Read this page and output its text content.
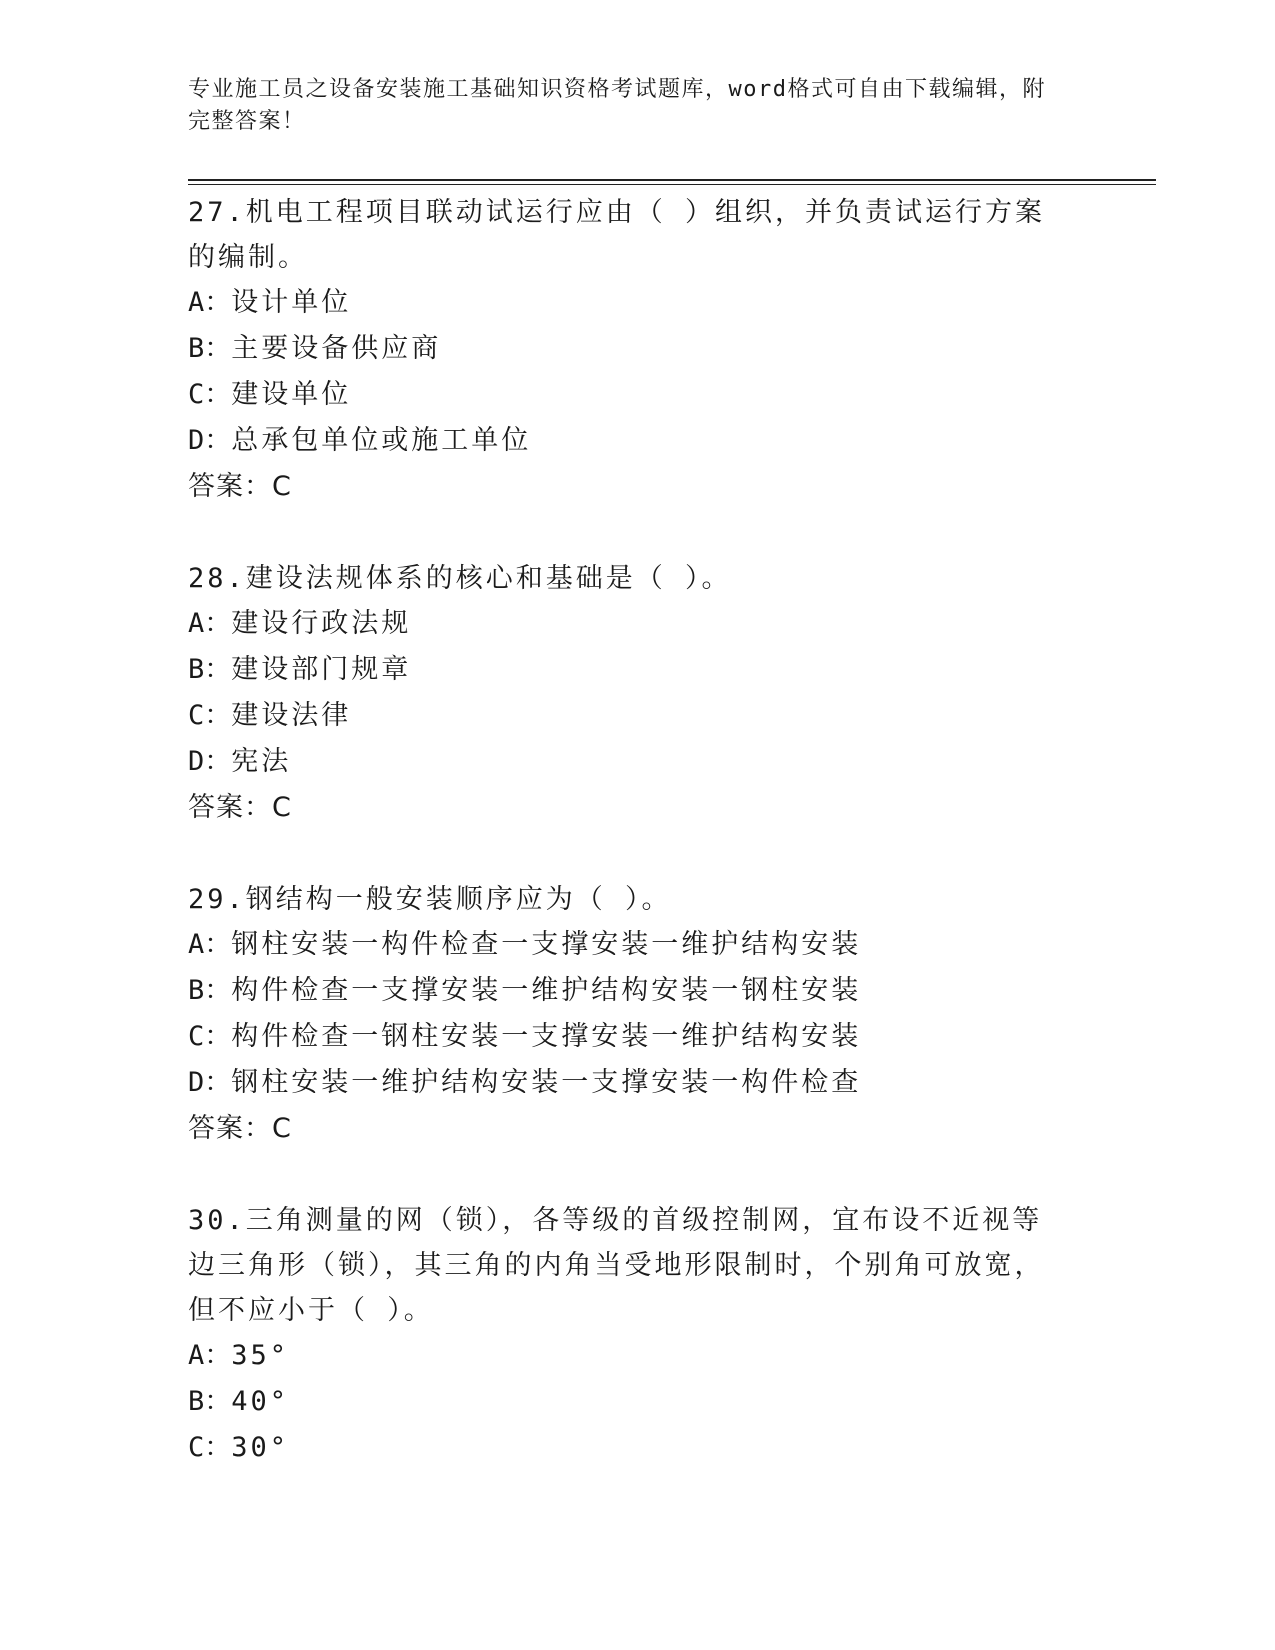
专业施工员之设备安装施工基础知识资格考试题库，word格式可自由下载编辑，附完整答案！

27.机电工程项目联动试运行应由（ ）组织，并负责试运行方案的编制。

A：设计单位
B：主要设备供应商
C：建设单位
D：总承包单位或施工单位

答案：C

28.建设法规体系的核心和基础是（ ）。

A：建设行政法规
B：建设部门规章
C：建设法律
D：宪法

答案：C

29.钢结构一般安装顺序应为（ ）。

A：钢柱安装一构件检查一支撑安装一维护结构安装
B：构件检查一支撑安装一维护结构安装一钢柱安装
C：构件检查一钢柱安装一支撑安装一维护结构安装
D：钢柱安装一维护结构安装一支撑安装一构件检查

答案：C

30.三角测量的网（锁），各等级的首级控制网，宜布设不近视等边三角形（锁），其三角的内角当受地形限制时，个别角可放宽，但不应小于（ ）。

A：35°
B：40°
C：30°
